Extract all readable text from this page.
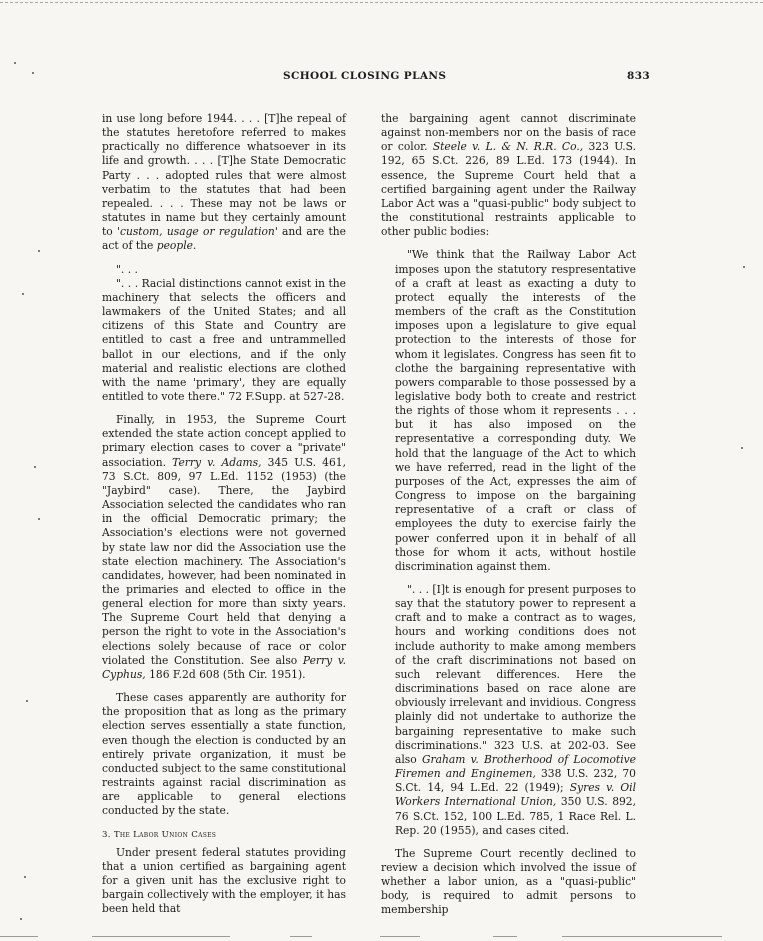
SCHOOL CLOSING PLANS	833

in use long before 1944. . . . [T]he repeal of the statutes heretofore referred to makes practically no difference whatsoever in its life and growth. . . . [T]he State Democratic Party . . . adopted rules that were almost verbatim to the statutes that had been repealed. . . . These may not be laws or statutes in name but they certainly amount to 'custom, usage or regulation' and are the act of the people.

". . .

". . . Racial distinctions cannot exist in the machinery that selects the officers and lawmakers of the United States; and all citizens of this State and Country are entitled to cast a free and untrammelled ballot in our elections, and if the only material and realistic elections are clothed with the name 'primary', they are equally entitled to vote there." 72 F.Supp. at 527-28.

Finally, in 1953, the Supreme Court extended the state action concept applied to primary election cases to cover a "private" association. Terry v. Adams, 345 U.S. 461, 73 S.Ct. 809, 97 L.Ed. 1152 (1953) (the "Jaybird" case). There, the Jaybird Association selected the candidates who ran in the official Democratic primary; the Association's elections were not governed by state law nor did the Association use the state election machinery. The Association's candidates, however, had been nominated in the primaries and elected to office in the general election for more than sixty years. The Supreme Court held that denying a person the right to vote in the Association's elections solely because of race or color violated the Constitution. See also Perry v. Cyphus, 186 F.2d 608 (5th Cir. 1951).

These cases apparently are authority for the proposition that as long as the primary election serves essentially a state function, even though the election is conducted by an entirely private organization, it must be conducted subject to the same constitutional restraints against racial discrimination as are applicable to general elections conducted by the state.

3. The Labor Union Cases

Under present federal statutes providing that a union certified as bargaining agent for a given unit has the exclusive right to bargain collectively with the employer, it has been held that

the bargaining agent cannot discriminate against non-members nor on the basis of race or color. Steele v. L. & N. R.R. Co., 323 U.S. 192, 65 S.Ct. 226, 89 L.Ed. 173 (1944). In essence, the Supreme Court held that a certified bargaining agent under the Railway Labor Act was a "quasi-public" body subject to the constitutional restraints applicable to other public bodies:

"We think that the Railway Labor Act imposes upon the statutory respresentative of a craft at least as exacting a duty to protect equally the interests of the members of the craft as the Constitution imposes upon a legislature to give equal protection to the interests of those for whom it legislates. Congress has seen fit to clothe the bargaining representative with powers comparable to those possessed by a legislative body both to create and restrict the rights of those whom it represents . . . but it has also imposed on the representative a corresponding duty. We hold that the language of the Act to which we have referred, read in the light of the purposes of the Act, expresses the aim of Congress to impose on the bargaining representative of a craft or class of employees the duty to exercise fairly the power conferred upon it in behalf of all those for whom it acts, without hostile discrimination against them.

". . . [I]t is enough for present purposes to say that the statutory power to represent a craft and to make a contract as to wages, hours and working conditions does not include authority to make among members of the craft discriminations not based on such relevant differences. Here the discriminations based on race alone are obviously irrelevant and invidious. Congress plainly did not undertake to authorize the bargaining representative to make such discriminations." 323 U.S. at 202-03. See also Graham v. Brotherhood of Locomotive Firemen and Enginemen, 338 U.S. 232, 70 S.Ct. 14, 94 L.Ed. 22 (1949); Syres v. Oil Workers International Union, 350 U.S. 892, 76 S.Ct. 152, 100 L.Ed. 785, 1 Race Rel. L. Rep. 20 (1955), and cases cited.

The Supreme Court recently declined to review a decision which involved the issue of whether a labor union, as a "quasi-public" body, is required to admit persons to membership
